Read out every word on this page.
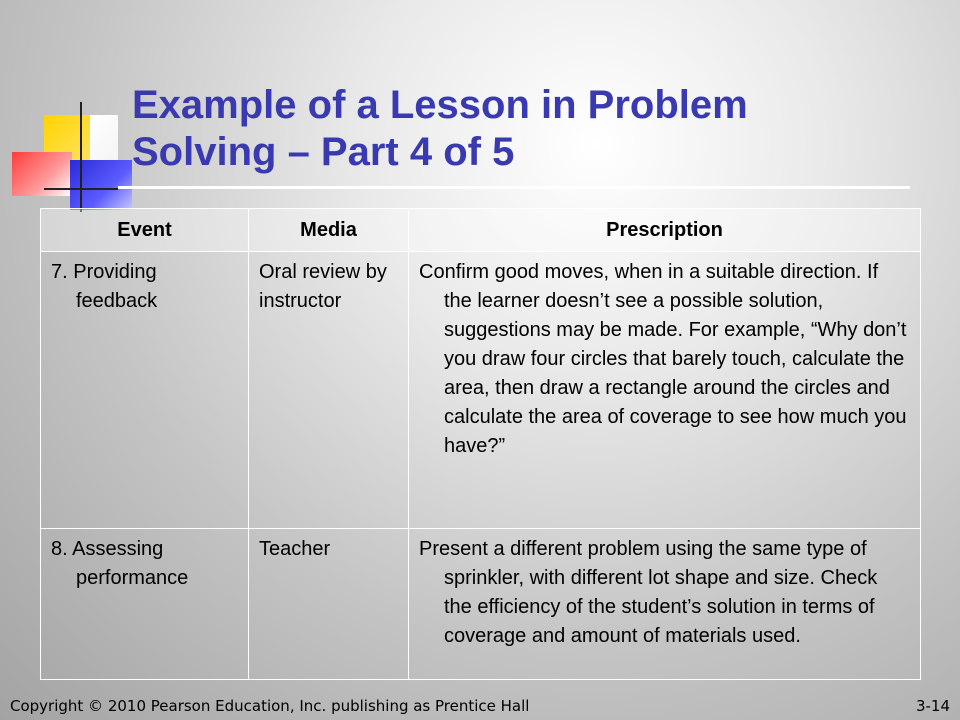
Example of a Lesson in Problem Solving – Part 4 of 5
Event	Media	Prescription

7. Providing feedback	Oral review by instructor	Confirm good moves, when in a suitable direction. If the learner doesn’t see a possible solution, suggestions may be made. For example, “Why don’t you draw four circles that barely touch, calculate the area, then draw a rectangle around the circles and calculate the area of coverage to see how much you have?”

8. Assessing performance	Teacher	Present a different problem using the same type of sprinkler, with different lot shape and size. Check the efficiency of the student’s solution in terms of coverage and amount of materials used.
Copyright © 2010 Pearson Education, Inc. publishing as Prentice Hall	3-14
